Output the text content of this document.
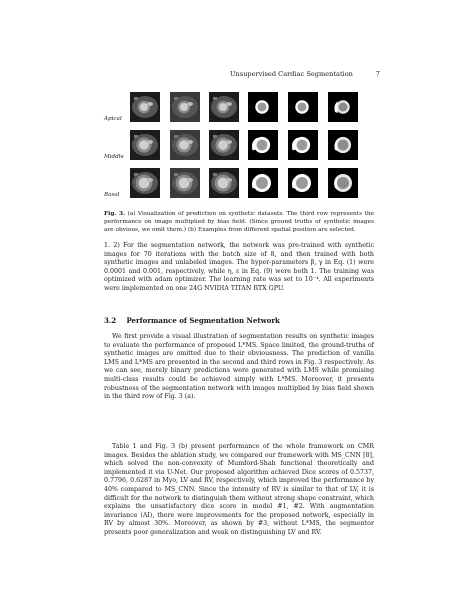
Unsupervised Cardiac Segmentation	7
Apical
Middle
Basal
Fig. 3. (a) Visualization of prediction on synthetic datasets. The third row represents the performance on image multiplied by bias field. (Since ground truths of synthetic images are obvious, we omit them.) (b) Examples from different spatial position are selected.
1. 2) For the segmentation network, the network was pre-trained with synthetic images for 70 iterations with the batch size of 8, and then trained with both synthetic images and unlabeled images. The hyper-parameters β, γ in Eq. (1) were 0.0001 and 0.001, respectively, while η, ε in Eq. (9) were both 1. The training was optimized with adam optimizer. The learning rate was set to 10⁻⁴. All experiments were implemented on one 24G NVIDIA TITAN RTX GPU.
3.2 Performance of Segmentation Network
We first provide a visual illustration of segmentation results on synthetic images to evaluate the performance of proposed L*MS. Space limited, the ground-truths of synthetic images are omitted due to their obviousness. The prediction of vanilla LMS and L*MS are presented in the second and third rows in Fig. 3 respectively. As we can see, merely binary predictions were generated with LMS while promising multi-class results could be achieved simply with L*MS. Moreover, it presents robustness of the segmentation network with images multiplied by bias field shown in the third row of Fig. 3 (a).
Table 1 and Fig. 3 (b) present performance of the whole framework on CMR images. Besides the ablation study, we compared our framework with MS_CNN [8], which solved the non-convexity of Mumford-Shah functional theoretically and implemented it via U-Net. Our proposed algorithm achieved Dice scores of 0.5737, 0.7796, 0.6287 in Myo, LV and RV, respectively, which improved the performance by 40% compared to MS_CNN. Since the intensity of RV is similar to that of LV, it is difficult for the network to distinguish them without strong shape constraint, which explains the unsatisfactory dice score in model #1, #2. With augmentation invariance (AI), there were improvements for the proposed network, especially in RV by almost 30%. Moreover, as shown by #3, without L*MS, the segmentor presents poor generalization and weak on distinguishing LV and RV.
